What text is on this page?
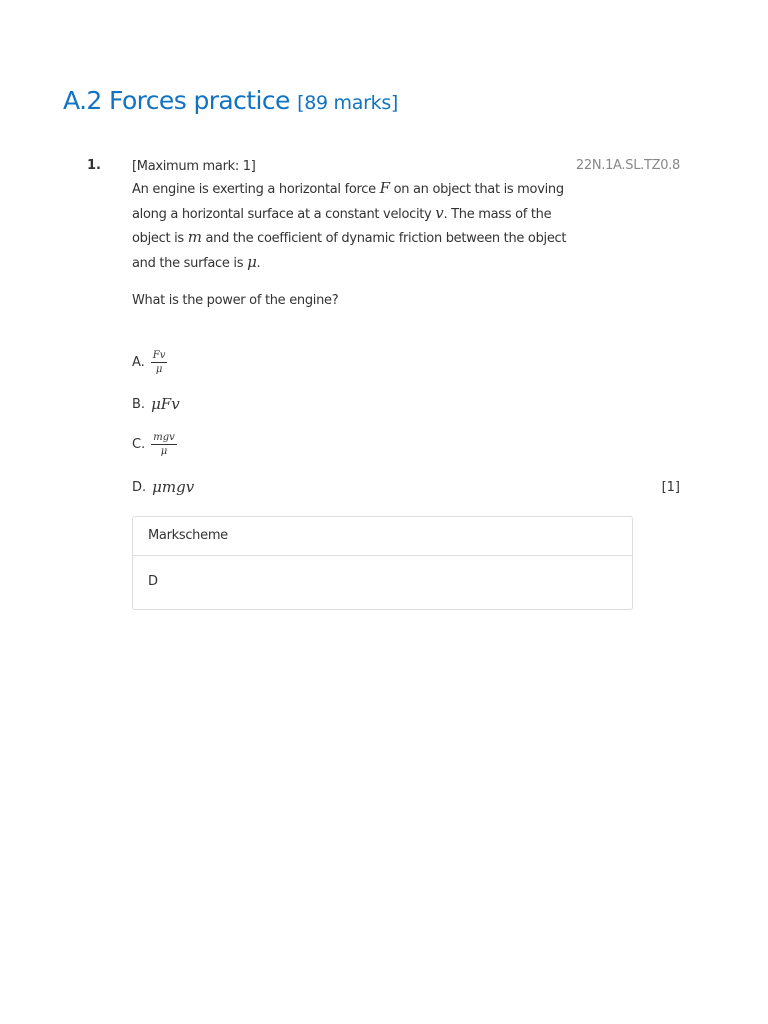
A.2 Forces practice [89 marks]
1.	22N.1A.SL.TZ0.8
[Maximum mark: 1]
An engine is exerting a horizontal force F on an object that is moving along a horizontal surface at a constant velocity v. The mass of the object is m and the coefficient of dynamic friction between the object and the surface is μ.
What is the power of the engine?
A. $\frac{Fv}{\mu}$
B. μFv
C. $\frac{\text{mgv}}{\mu}$
D. μmgv	[1]
Markscheme
D
